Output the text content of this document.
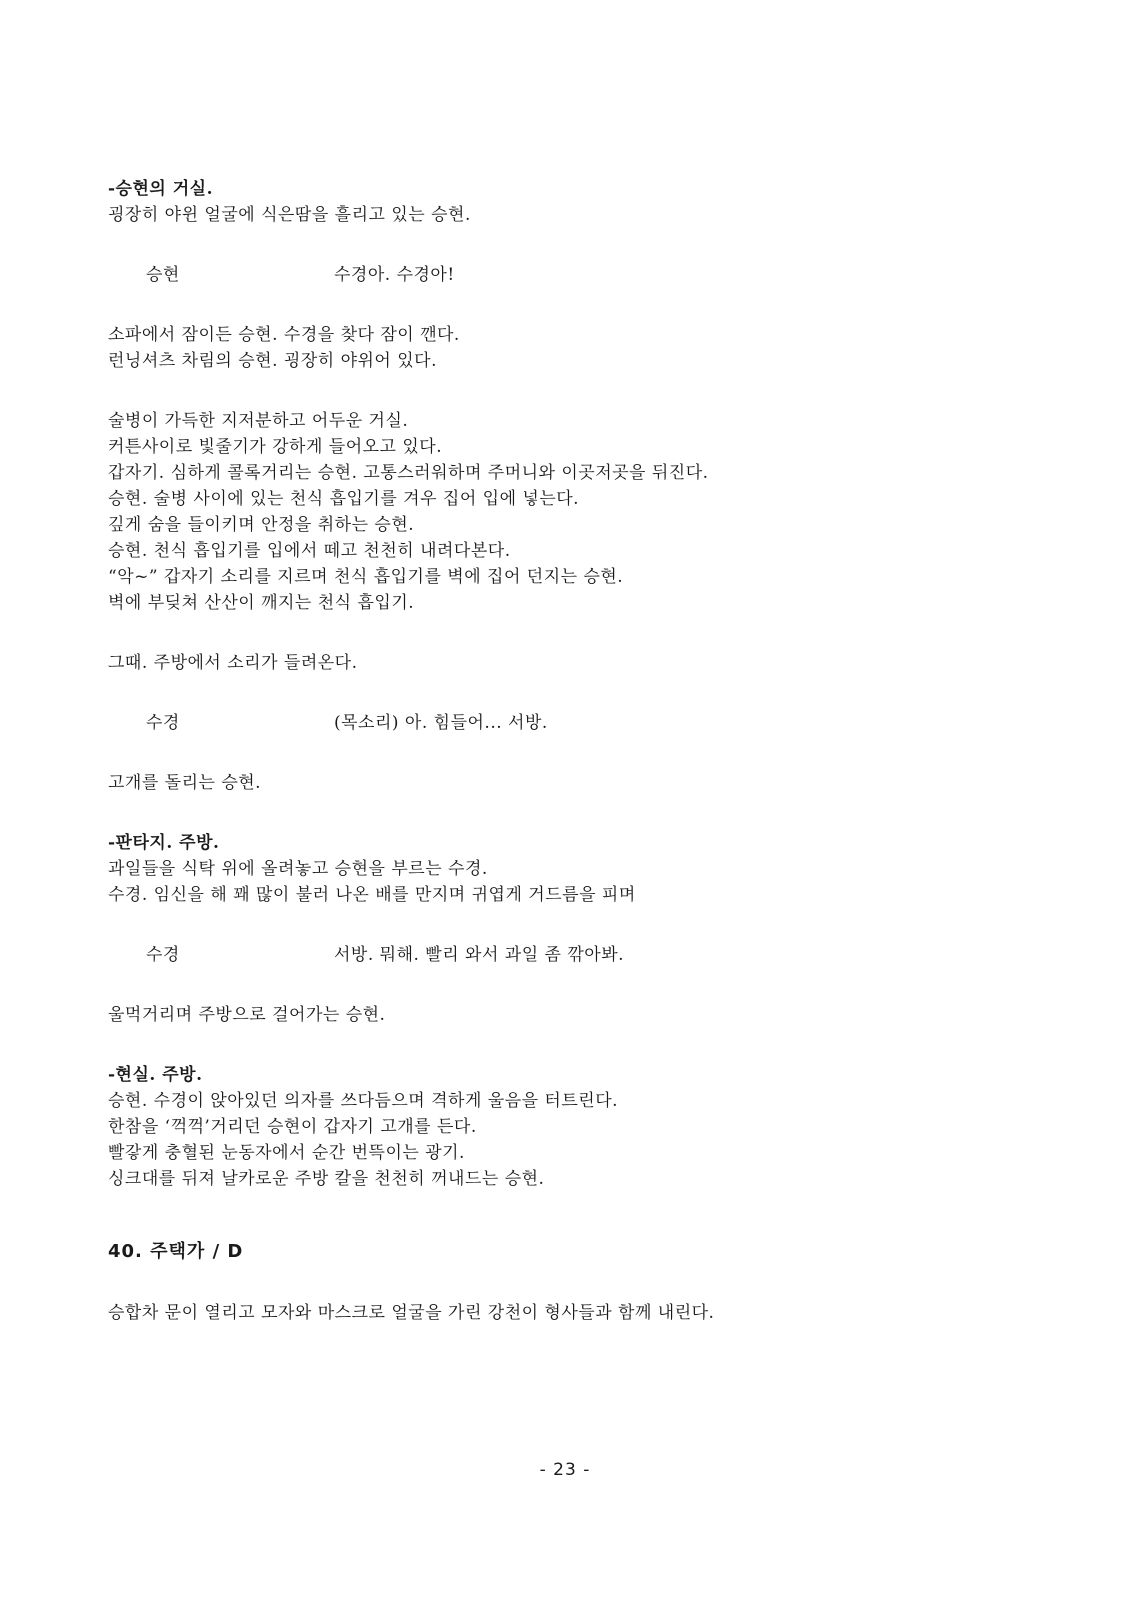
-승현의 거실.
굉장히 야윈 얼굴에 식은땀을 흘리고 있는 승현.
승현	수경아. 수경아!
소파에서 잠이든 승현. 수경을 찾다 잠이 깬다.
런닝셔츠 차림의 승현. 굉장히 야위어 있다.
술병이 가득한 지저분하고 어두운 거실.
커튼사이로 빛줄기가 강하게 들어오고 있다.
갑자기. 심하게 콜록거리는 승현. 고통스러워하며 주머니와 이곳저곳을 뒤진다.
승현. 술병 사이에 있는 천식 흡입기를 겨우 집어 입에 넣는다.
깊게 숨을 들이키며 안정을 취하는 승현.
승현. 천식 흡입기를 입에서 떼고 천천히 내려다본다.
“악~” 갑자기 소리를 지르며 천식 흡입기를 벽에 집어 던지는 승현.
벽에 부딪쳐 산산이 깨지는 천식 흡입기.
그때. 주방에서 소리가 들려온다.
수경	(목소리) 아. 힘들어... 서방.
고개를 돌리는 승현.
-판타지. 주방.
과일들을 식탁 위에 올려놓고 승현을 부르는 수경.
수경. 임신을 해 꽤 많이 불러 나온 배를 만지며 귀엽게 거드름을 피며
수경	서방. 뭐해. 빨리 와서 과일 좀 깎아봐.
울먹거리며 주방으로 걸어가는 승현.
-현실. 주방.
승현. 수경이 앉아있던 의자를 쓰다듬으며 격하게 울음을 터트린다.
한참을 ‘꺽꺽’거리던 승현이 갑자기 고개를 든다.
빨갛게 충혈된 눈동자에서 순간 번뜩이는 광기.
싱크대를 뒤져 날카로운 주방 칼을 천천히 꺼내드는 승현.
40. 주택가 / D
승합차 문이 열리고 모자와 마스크로 얼굴을 가린 강천이 형사들과 함께 내린다.
- 23 -
